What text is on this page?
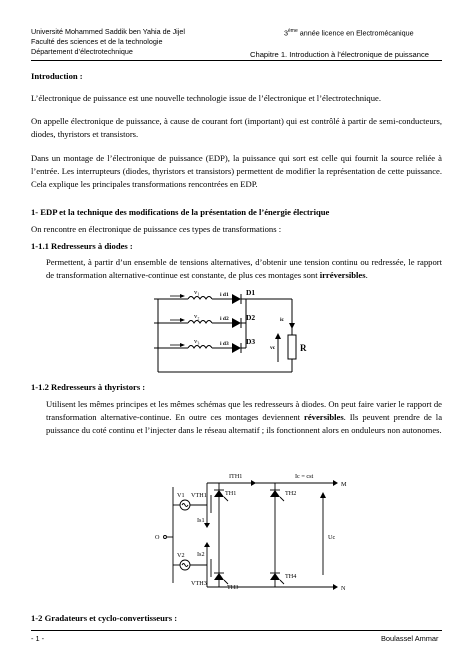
Université Mohammed Saddik ben Yahia de Jijel
Faculté des sciences et de la technologie
Département d’électrotechnique
3ème année licence en Electromécanique
Chapitre 1. Introduction à l’électronique de puissance
Introduction :
L’électronique de puissance est une nouvelle technologie issue de l’électronique et l’électrotechnique.
On appelle électronique de puissance, à cause de courant fort (important) qui est contrôlé à partir de semi-conducteurs, diodes, thyristors et transistors.
Dans un montage de l’électronique de puissance (EDP), la puissance qui sort est celle qui fournit la source reliée à l’entrée. Les interrupteurs (diodes, thyristors et transistors) permettent de modifier la représentation de cette puissance. Cela explique les principales transformations rencontrées en EDP.
1- EDP et la technique des modifications de la présentation de l’énergie électrique
On rencontre en électronique de puissance ces types de transformations :
1-1.1 Redresseurs à diodes :
Permettent, à partir d’un ensemble de tensions alternatives, d’obtenir une tension continu ou redressée, le rapport de transformation alternative-continue est constante, de plus ces montages sont irréversibles.
v₁
v₂
v₃
i d1
i d2
i d3
D1
D2
D3
ic
vc	R
1-1.2 Redresseurs à thyristors :
Utilisent les mêmes principes et les mêmes schémas que les redresseurs à diodes. On peut faire varier le rapport de transformation alternative-continue. En outre ces montages deviennent réversibles. Ils peuvent prendre de la puissance du coté continu et l’injecter dans le réseau alternatif ; ils fonctionnent alors en onduleurs non autonomes.
ITH1	Ic = cst
M
N
V1
V2
VTH1
VTH3
TH1	TH2
TH3
TH4
Is1
Is2
O	Uc
1-2 Gradateurs et cyclo-convertisseurs :
- 1 -	Boulassel Ammar
